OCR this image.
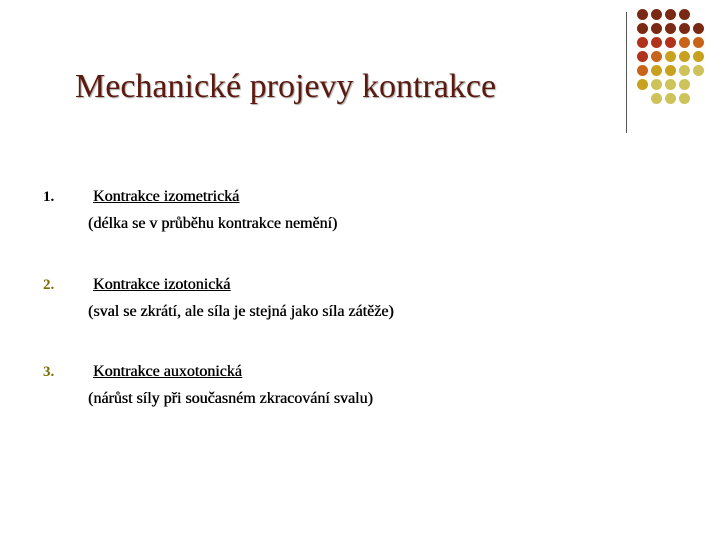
Mechanické projevy kontrakce
1. Kontrakce izometrická
(délka se v průběhu kontrakce nemění)
2. Kontrakce izotonická
(sval se zkrátí, ale síla je stejná jako síla zátěže)
3. Kontrakce auxotonická
(nárůst síly při současném zkracování svalu)
